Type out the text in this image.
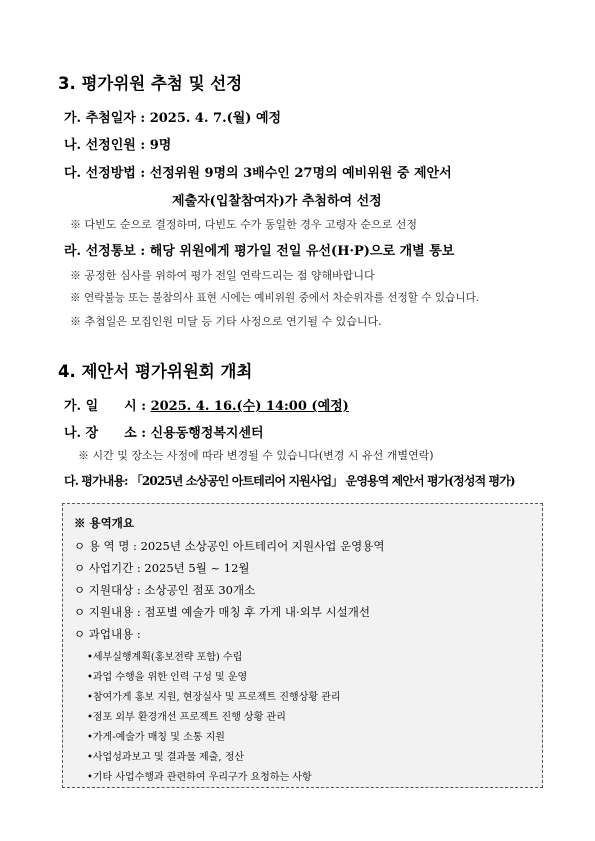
3. 평가위원 추첨 및 선정
가. 추첨일자 : 2025. 4. 7.(월) 예정
나. 선정인원 : 9명
다. 선정방법 : 선정위원 9명의 3배수인 27명의 예비위원 중 제안서
제출자(입찰참여자)가 추첨하여 선정
※ 다빈도 순으로 결정하며, 다빈도 수가 동일한 경우 고령자 순으로 선정
라. 선정통보 : 해당 위원에게 평가일 전일 유선(H·P)으로 개별 통보
※ 공정한 심사를 위하여 평가 전일 연락드리는 점 양해바랍니다
※ 연락불능 또는 불참의사 표현 시에는 예비위원 중에서 차순위자를 선정할 수 있습니다.
※ 추첨일은 모집인원 미달 등 기타 사정으로 연기될 수 있습니다.
4. 제안서 평가위원회 개최
가. 일　　시 : 2025. 4. 16.(수) 14:00 (예정)
나. 장　　소 : 신용동행정복지센터
※ 시간 및 장소는 사정에 따라 변경될 수 있습니다(변경 시 유선 개별연락)
다. 평가내용: 「2025년 소상공인 아트테리어 지원사업」 운영용역 제안서 평가(정성적 평가)
※ 용역개요
ㅇ 용 역 명 : 2025년 소상공인 아트테리어 지원사업 운영용역
ㅇ 사업기간 : 2025년 5월 ~ 12월
ㅇ 지원대상 : 소상공인 점포 30개소
ㅇ 지원내용 : 점포별 예술가 매칭 후 가게 내·외부 시설개선
ㅇ 과업내용 :
•세부실행계획(홍보전략 포함) 수립
•과업 수행을 위한 인력 구성 및 운영
•참여가게 홍보 지원, 현장실사 및 프로젝트 진행상황 관리
•점포 외부 환경개선 프로젝트 진행 상황 관리
•가게-예술가 매칭 및 소통 지원
•사업성과보고 및 결과물 제출, 정산
•기타 사업수행과 관련하여 우리구가 요청하는 사항
